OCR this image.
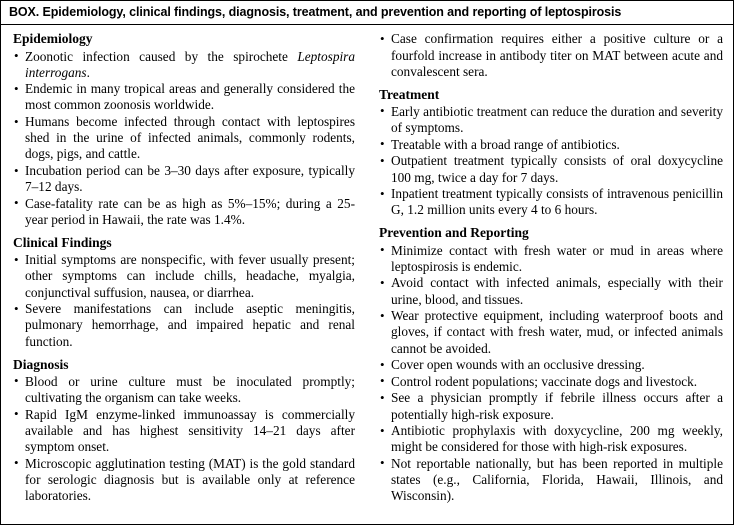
BOX. Epidemiology, clinical findings, diagnosis, treatment, and prevention and reporting of leptospirosis
Epidemiology
• Zoonotic infection caused by the spirochete Leptospira interrogans.
• Endemic in many tropical areas and generally considered the most common zoonosis worldwide.
• Humans become infected through contact with leptospires shed in the urine of infected animals, commonly rodents, dogs, pigs, and cattle.
• Incubation period can be 3–30 days after exposure, typically 7–12 days.
• Case-fatality rate can be as high as 5%–15%; during a 25-year period in Hawaii, the rate was 1.4%.
Clinical Findings
• Initial symptoms are nonspecific, with fever usually present; other symptoms can include chills, headache, myalgia, conjunctival suffusion, nausea, or diarrhea.
• Severe manifestations can include aseptic meningitis, pulmonary hemorrhage, and impaired hepatic and renal function.
Diagnosis
• Blood or urine culture must be inoculated promptly; cultivating the organism can take weeks.
• Rapid IgM enzyme-linked immunoassay is commercially available and has highest sensitivity 14–21 days after symptom onset.
• Microscopic agglutination testing (MAT) is the gold standard for serologic diagnosis but is available only at reference laboratories.
• Case confirmation requires either a positive culture or a fourfold increase in antibody titer on MAT between acute and convalescent sera.
Treatment
• Early antibiotic treatment can reduce the duration and severity of symptoms.
• Treatable with a broad range of antibiotics.
• Outpatient treatment typically consists of oral doxycycline 100 mg, twice a day for 7 days.
• Inpatient treatment typically consists of intravenous penicillin G, 1.2 million units every 4 to 6 hours.
Prevention and Reporting
• Minimize contact with fresh water or mud in areas where leptospirosis is endemic.
• Avoid contact with infected animals, especially with their urine, blood, and tissues.
• Wear protective equipment, including waterproof boots and gloves, if contact with fresh water, mud, or infected animals cannot be avoided.
• Cover open wounds with an occlusive dressing.
• Control rodent populations; vaccinate dogs and livestock.
• See a physician promptly if febrile illness occurs after a potentially high-risk exposure.
• Antibiotic prophylaxis with doxycycline, 200 mg weekly, might be considered for those with high-risk exposures.
• Not reportable nationally, but has been reported in multiple states (e.g., California, Florida, Hawaii, Illinois, and Wisconsin).
